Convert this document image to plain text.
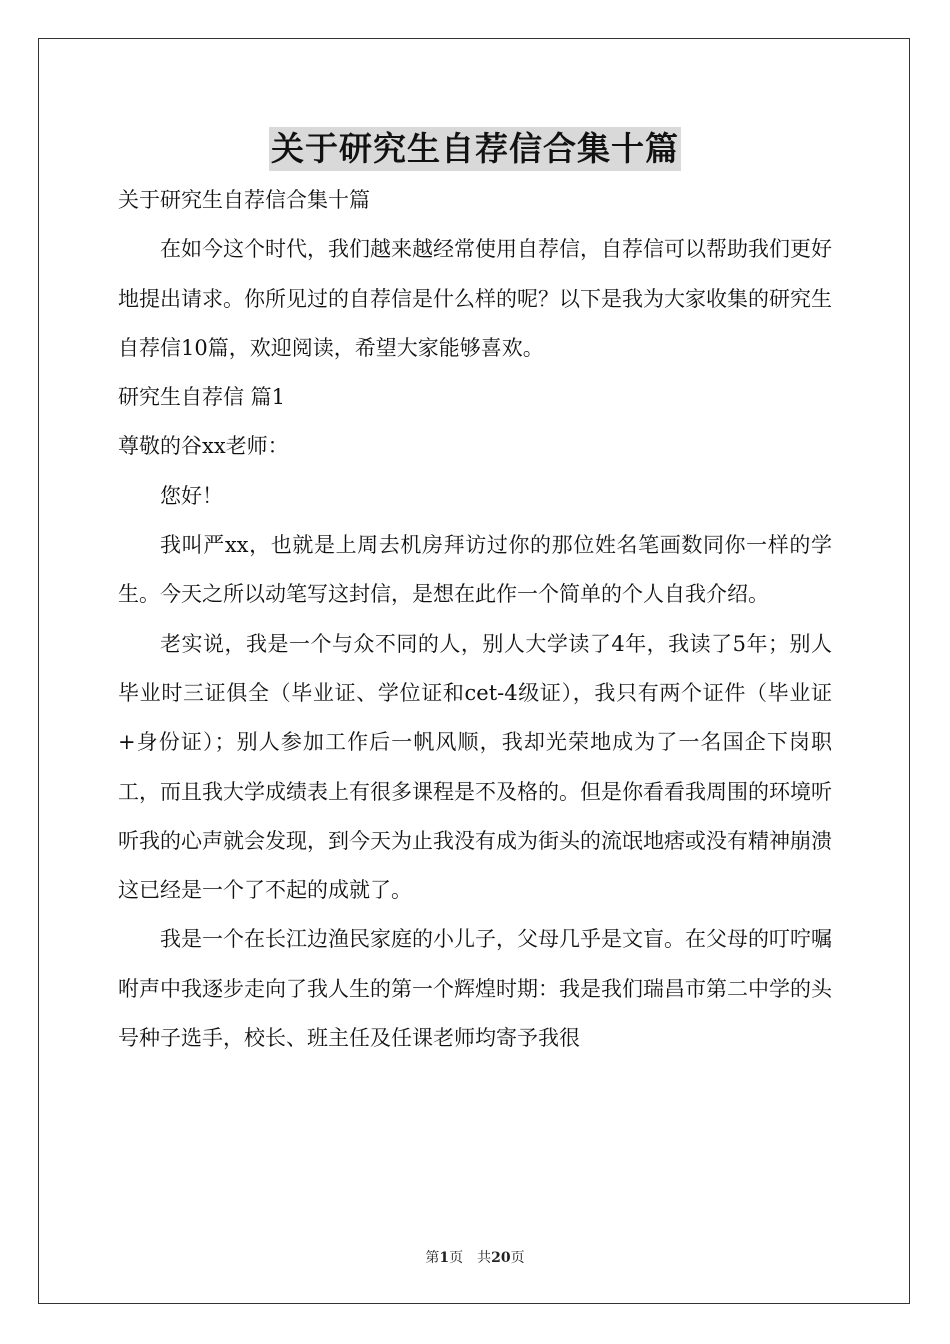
关于研究生自荐信合集十篇

关于研究生自荐信合集十篇

在如今这个时代，我们越来越经常使用自荐信，自荐信可以帮助我们更好地提出请求。你所见过的自荐信是什么样的呢？以下是我为大家收集的研究生自荐信10篇，欢迎阅读，希望大家能够喜欢。

研究生自荐信 篇1

尊敬的谷xx老师：

您好！

我叫严xx，也就是上周去机房拜访过你的那位姓名笔画数同你一样的学生。今天之所以动笔写这封信，是想在此作一个简单的个人自我介绍。

老实说，我是一个与众不同的人，别人大学读了4年，我读了5年；别人毕业时三证俱全（毕业证、学位证和cet-4级证），我只有两个证件（毕业证+身份证）；别人参加工作后一帆风顺，我却光荣地成为了一名国企下岗职工，而且我大学成绩表上有很多课程是不及格的。但是你看看我周围的环境听听我的心声就会发现，到今天为止我没有成为街头的流氓地痞或没有精神崩溃这已经是一个了不起的成就了。

我是一个在长江边渔民家庭的小儿子，父母几乎是文盲。在父母的叮咛嘱咐声中我逐步走向了我人生的第一个辉煌时期：我是我们瑞昌市第二中学的头号种子选手，校长、班主任及任课老师均寄予我很

第1页 共20页
